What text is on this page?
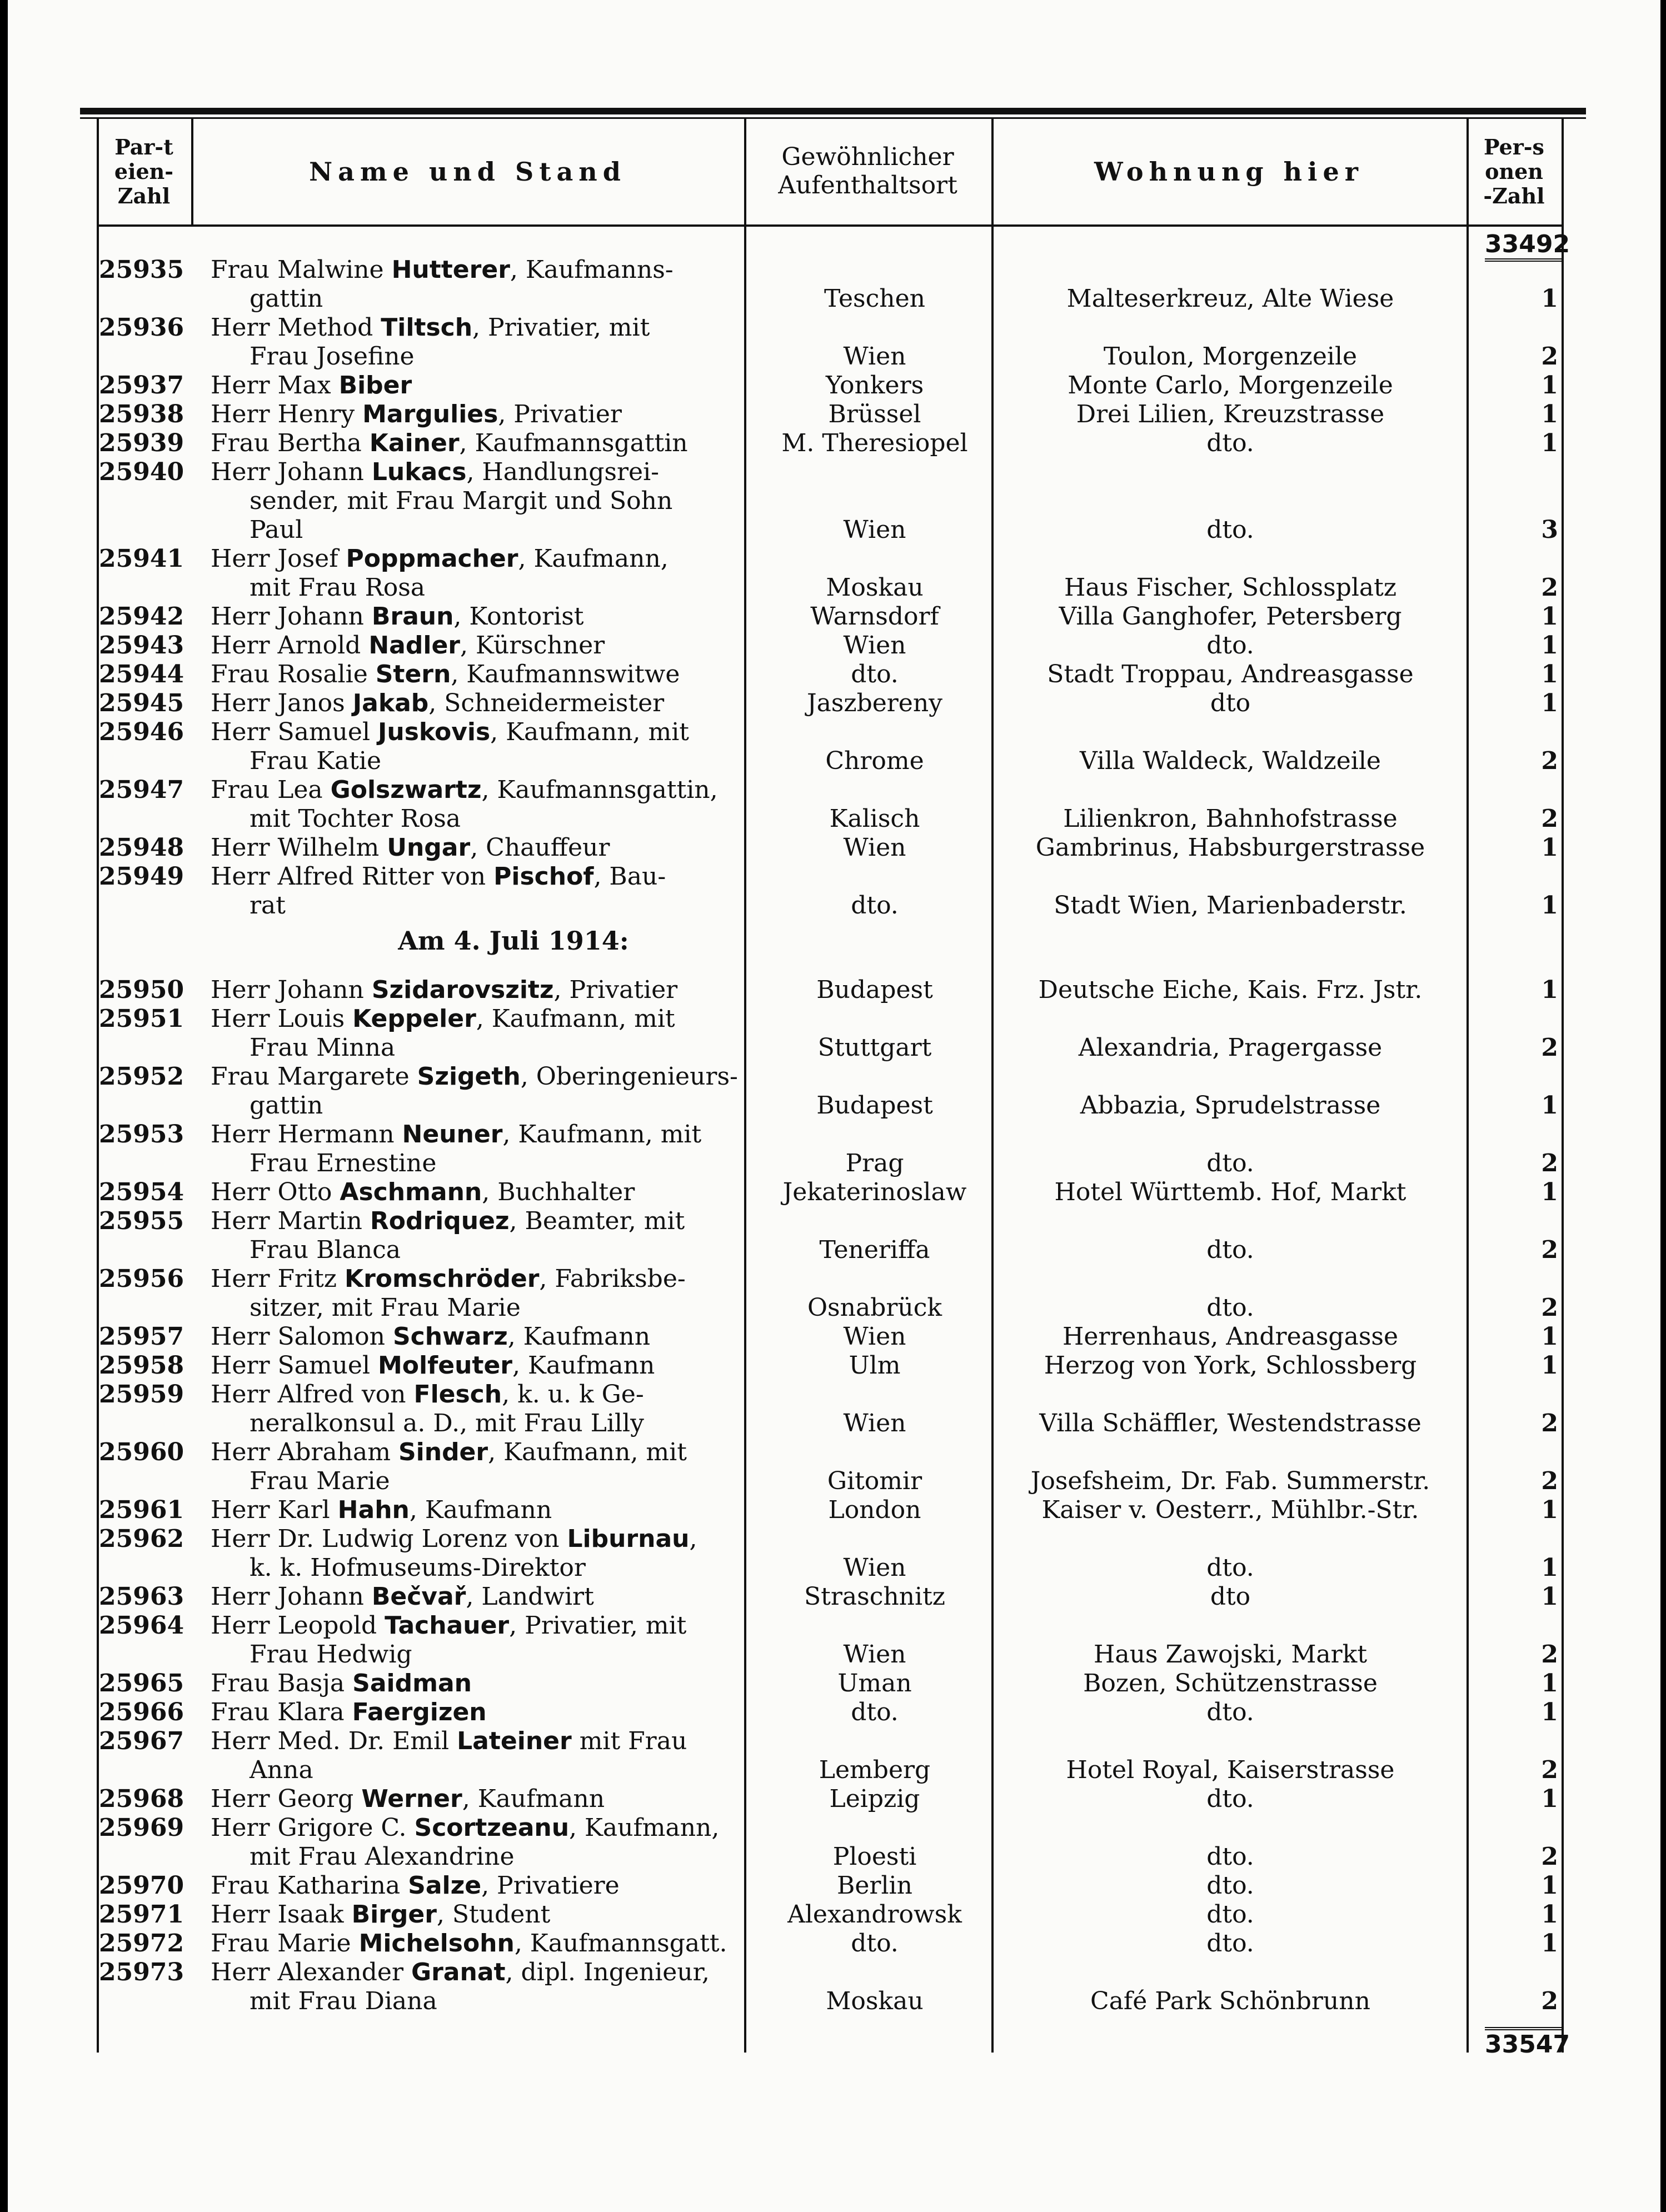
Par-teien-Zahl
Name und Stand	Gewöhnlicher Aufenthaltsort	Wohnung hier
Per-sonen-Zahl
33492
25935 Frau Malwine Hutterer, Kaufmanns-
gattin	Teschen	Malteserkreuz, Alte Wiese	1
25936 Herr Method Tiltsch, Privatier, mit
Frau Josefine	Wien	Toulon, Morgenzeile	2
25937 Herr Max Biber	Yonkers	Monte Carlo, Morgenzeile	1
25938 Herr Henry Margulies, Privatier	Brüssel	Drei Lilien, Kreuzstrasse	1
25939 Frau Bertha Kainer, Kaufmannsgattin	M. Theresiopel	dto.	1
25940 Herr Johann Lukacs, Handlungsrei-
sender, mit Frau Margit und Sohn
Paul	Wien	dto.	3
25941 Herr Josef Poppmacher, Kaufmann,
mit Frau Rosa	Moskau	Haus Fischer, Schlossplatz	2
25942 Herr Johann Braun, Kontorist	Warnsdorf	Villa Ganghofer, Petersberg	1
25943 Herr Arnold Nadler, Kürschner	Wien	dto.	1
25944 Frau Rosalie Stern, Kaufmannswitwe	dto.	Stadt Troppau, Andreasgasse	1
25945 Herr Janos Jakab, Schneidermeister	Jaszbereny	dto	1
25946 Herr Samuel Juskovis, Kaufmann, mit
Frau Katie	Chrome	Villa Waldeck, Waldzeile	2
25947 Frau Lea Golszwartz, Kaufmannsgattin,
mit Tochter Rosa	Kalisch	Lilienkron, Bahnhofstrasse	2
25948 Herr Wilhelm Ungar, Chauffeur	Wien	Gambrinus, Habsburgerstrasse	1
25949 Herr Alfred Ritter von Pischof, Bau-
rat	dto.	Stadt Wien, Marienbaderstr.	1
25950 Herr Johann Szidarovszitz, Privatier	Budapest	Deutsche Eiche, Kais. Frz. Jstr.	1
25951 Herr Louis Keppeler, Kaufmann, mit
Frau Minna	Stuttgart	Alexandria, Pragergasse	2
25952 Frau Margarete Szigeth, Oberingenieurs-
gattin	Budapest	Abbazia, Sprudelstrasse	1
25953 Herr Hermann Neuner, Kaufmann, mit
Frau Ernestine	Prag	dto.	2
25954 Herr Otto Aschmann, Buchhalter	Jekaterinoslaw	Hotel Württemb. Hof, Markt	1
25955 Herr Martin Rodriquez, Beamter, mit
Frau Blanca	Teneriffa	dto.	2
25956 Herr Fritz Kromschröder, Fabriksbe-
sitzer, mit Frau Marie	Osnabrück	dto.	2
25957 Herr Salomon Schwarz, Kaufmann	Wien	Herrenhaus, Andreasgasse	1
25958 Herr Samuel Molfeuter, Kaufmann	Ulm	Herzog von York, Schlossberg	1
25959 Herr Alfred von Flesch, k. u. k Ge-
neralkonsul a. D., mit Frau Lilly	Wien	Villa Schäffler, Westendstrasse	2
25960 Herr Abraham Sinder, Kaufmann, mit
Frau Marie	Gitomir	Josefsheim, Dr. Fab. Summerstr.	2
25961 Herr Karl Hahn, Kaufmann	London	Kaiser v. Oesterr., Mühlbr.-Str.	1
25962 Herr Dr. Ludwig Lorenz von Liburnau,
k. k. Hofmuseums-Direktor	Wien	dto.	1
25963 Herr Johann Bečvař, Landwirt	Straschnitz	dto	1
25964 Herr Leopold Tachauer, Privatier, mit
Frau Hedwig	Wien	Haus Zawojski, Markt	2
25965 Frau Basja Saidman	Uman	Bozen, Schützenstrasse	1
25966 Frau Klara Faergizen	dto.	dto.	1
25967 Herr Med. Dr. Emil Lateiner mit Frau
Anna	Lemberg	Hotel Royal, Kaiserstrasse	2
25968 Herr Georg Werner, Kaufmann	Leipzig	dto.	1
25969 Herr Grigore C. Scortzeanu, Kaufmann,
mit Frau Alexandrine	Ploesti	dto.	2
25970 Frau Katharina Salze, Privatiere	Berlin	dto.	1
25971 Herr Isaak Birger, Student	Alexandrowsk	dto.	1
25972 Frau Marie Michelsohn, Kaufmannsgatt.	dto.	dto.	1
25973 Herr Alexander Granat, dipl. Ingenieur,
mit Frau Diana	Moskau	Café Park Schönbrunn	2
Am 4. Juli 1914:
33547
